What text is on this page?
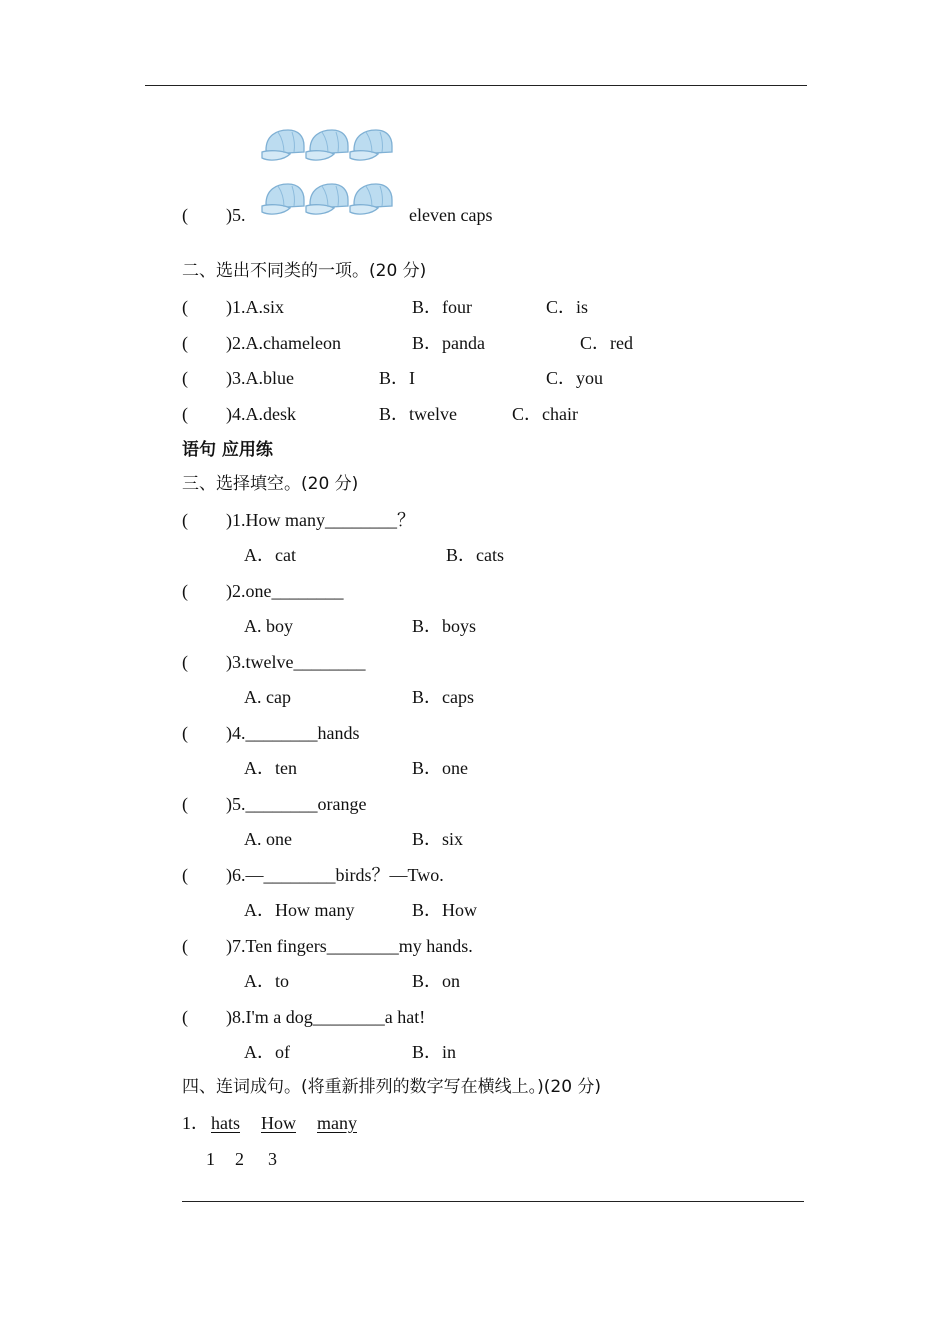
( )5.	eleven caps
二、选出不同类的一项。(20 分)
( )1.A.six	B．four	C．is
( )2.A.chameleon	B．panda	C．red
( )3.A.blue	B．I	C．you
( )4.A.desk	B．twelve	C．chair
语句 应用练
三、选择填空。(20 分)
( )1.How many________？
A．cat	B．cats
( )2.one________
A. boy	B．boys
( )3.twelve________
A. cap	B．caps
( )4.________hands
A．ten	B．one
( )5.________orange
A. one	B．six
( )6.—________birds？—Two.
A．How many	B．How
( )7.Ten fingers________my hands.
A．to	B．on
( )8.I'm a dog________a hat!
A．of	B．in
四、连词成句。(将重新排列的数字写在横线上。)(20 分)
1． hats How many
1 2 3
